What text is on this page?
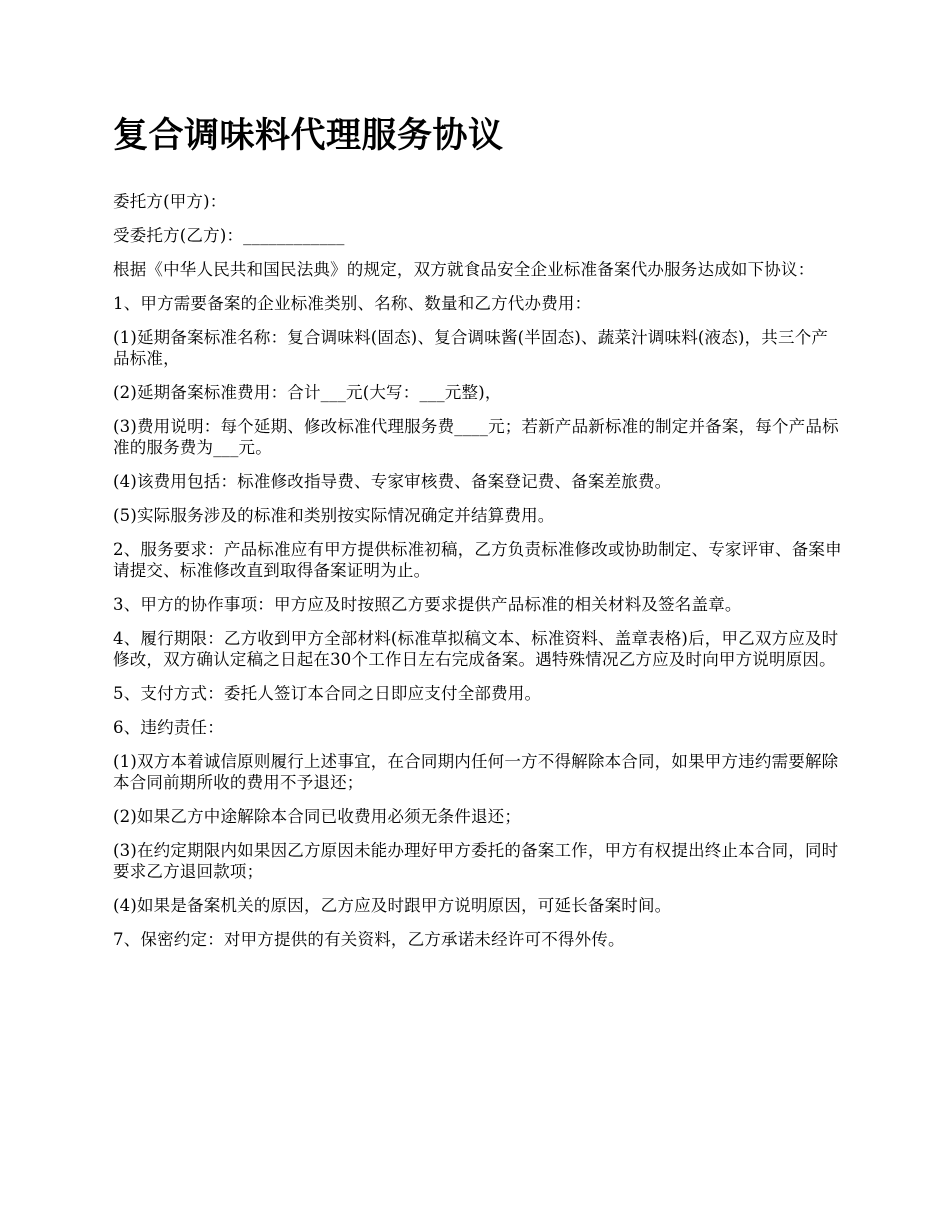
复合调味料代理服务协议

委托方(甲方)：

受委托方(乙方)：____________

根据《中华人民共和国民法典》的规定，双方就食品安全企业标准备案代办服务达成如下协议：

1、甲方需要备案的企业标准类别、名称、数量和乙方代办费用：

(1)延期备案标准名称：复合调味料(固态)、复合调味酱(半固态)、蔬菜汁调味料(液态)，共三个产品标准，

(2)延期备案标准费用：合计___元(大写：___元整)，

(3)费用说明：每个延期、修改标准代理服务费____元；若新产品新标准的制定并备案，每个产品标准的服务费为___元。

(4)该费用包括：标准修改指导费、专家审核费、备案登记费、备案差旅费。

(5)实际服务涉及的标准和类别按实际情况确定并结算费用。

2、服务要求：产品标准应有甲方提供标准初稿，乙方负责标准修改或协助制定、专家评审、备案申请提交、标准修改直到取得备案证明为止。

3、甲方的协作事项：甲方应及时按照乙方要求提供产品标准的相关材料及签名盖章。

4、履行期限：乙方收到甲方全部材料(标准草拟稿文本、标准资料、盖章表格)后，甲乙双方应及时修改，双方确认定稿之日起在30个工作日左右完成备案。遇特殊情况乙方应及时向甲方说明原因。

5、支付方式：委托人签订本合同之日即应支付全部费用。

6、违约责任：

(1)双方本着诚信原则履行上述事宜，在合同期内任何一方不得解除本合同，如果甲方违约需要解除本合同前期所收的费用不予退还；

(2)如果乙方中途解除本合同已收费用必须无条件退还；

(3)在约定期限内如果因乙方原因未能办理好甲方委托的备案工作，甲方有权提出终止本合同，同时要求乙方退回款项；

(4)如果是备案机关的原因，乙方应及时跟甲方说明原因，可延长备案时间。

7、保密约定：对甲方提供的有关资料，乙方承诺未经许可不得外传。
